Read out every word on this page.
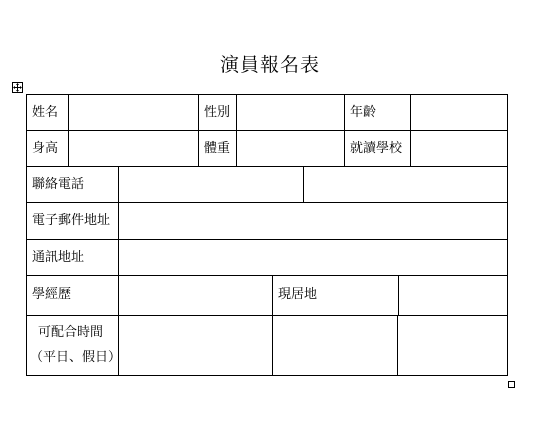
演員報名表
姓名	性別	年齡
身高	體重	就讀學校
聯絡電話
電子郵件地址
通訊地址
學經歷	現居地
可配合時間
（平日、假日）
